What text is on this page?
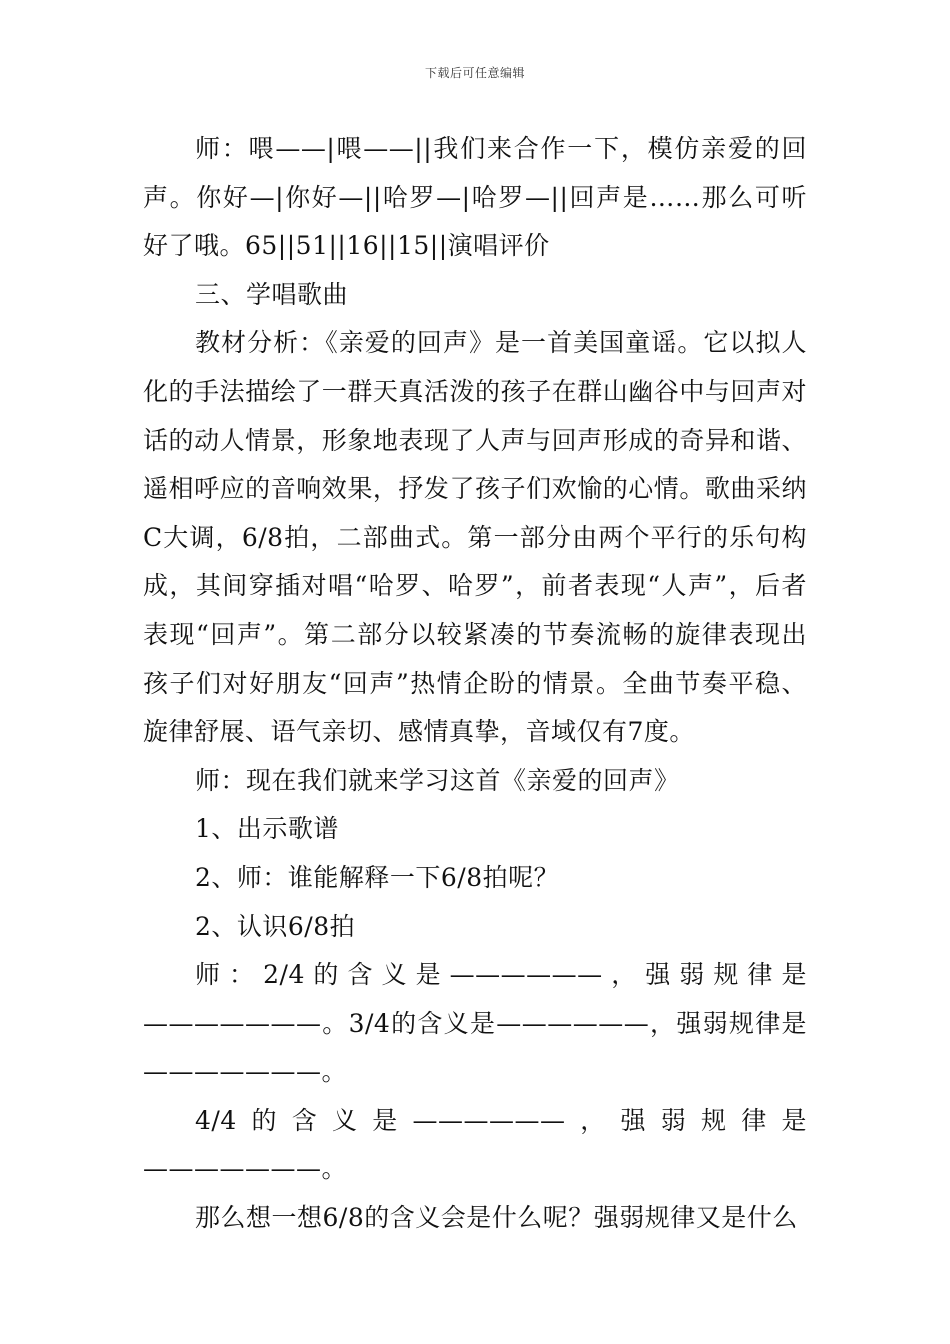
下载后可任意编辑

师：喂——|喂——||我们来合作一下，模仿亲爱的回声。你好—|你好—||哈罗—|哈罗—||回声是……那么可听好了哦。65||51||16||15||演唱评价

三、学唱歌曲

教材分析：《亲爱的回声》是一首美国童谣。它以拟人化的手法描绘了一群天真活泼的孩子在群山幽谷中与回声对话的动人情景，形象地表现了人声与回声形成的奇异和谐、遥相呼应的音响效果，抒发了孩子们欢愉的心情。歌曲采纳C大调，6/8拍，二部曲式。第一部分由两个平行的乐句构成，其间穿插对唱“哈罗、哈罗”，前者表现“人声”，后者表现“回声”。第二部分以较紧凑的节奏流畅的旋律表现出孩子们对好朋友“回声”热情企盼的情景。全曲节奏平稳、旋律舒展、语气亲切、感情真挚，音域仅有7度。

师：现在我们就来学习这首《亲爱的回声》

1、出示歌谱

2、师：谁能解释一下6/8拍呢？

2、认识6/8拍

师：2/4的含义是——————，强弱规律是———————。3/4的含义是——————，强弱规律是———————。

4/4的含义是——————，强弱规律是———————。

那么想一想6/8的含义会是什么呢？强弱规律又是什么
